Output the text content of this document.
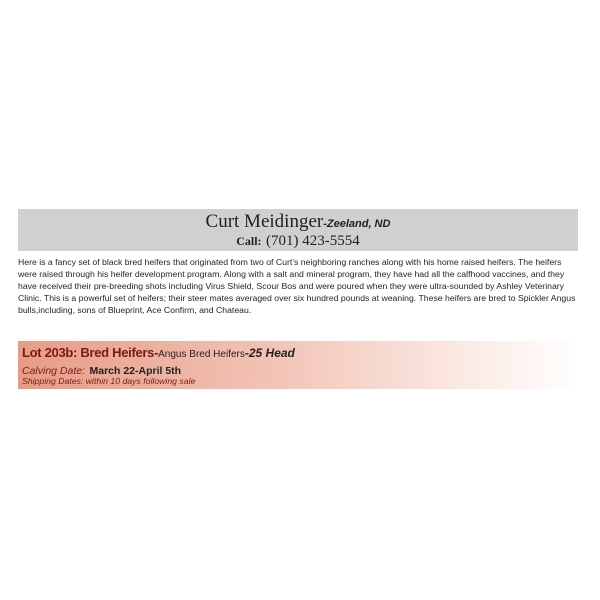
Curt Meidinger-Zeeland, ND
Call: (701) 423-5554

Here is a fancy set of black bred heifers that originated from two of Curt’s neighboring ranches along with his home raised heifers. The heifers were raised through his heifer development program. Along with a salt and mineral program, they have had all the calfhood vaccines, and they have received their pre-breeding shots including Virus Shield, Scour Bos and were poured when they were ultra-sounded by Ashley Veterinary Clinic. This is a powerful set of heifers; their steer mates averaged over six hundred pounds at weaning. These heifers are bred to Spickler Angus bulls,including, sons of Blueprint, Ace Confirm, and Chateau.

Lot 203b: Bred Heifers-Angus Bred Heifers-25 Head
Calving Date: March 22-April 5th
Shipping Dates: within 10 days following sale
